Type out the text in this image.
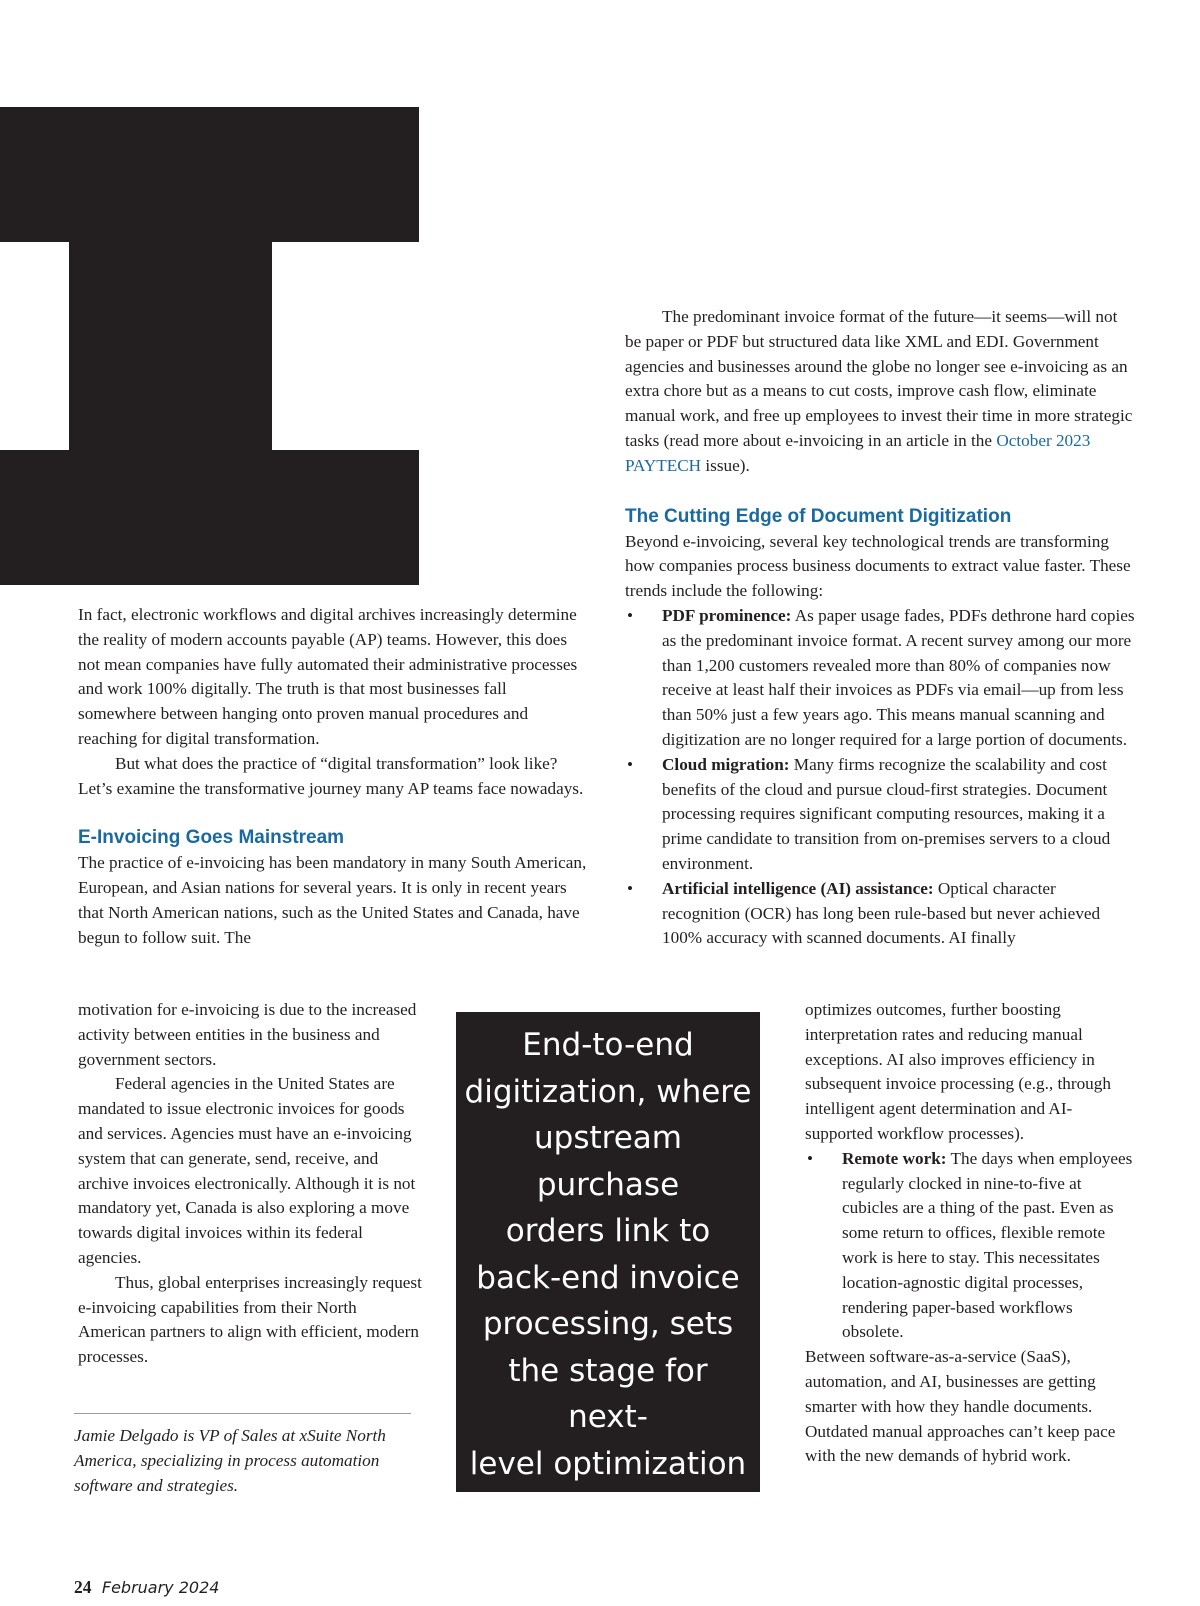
The predominant invoice format of the future—it seems—will not be paper or PDF but structured data like XML and EDI. Government agencies and businesses around the globe no longer see e-invoicing as an extra chore but as a means to cut costs, improve cash flow, eliminate manual work, and free up employees to invest their time in more strategic tasks (read more about e-invoicing in an article in the October 2023 PAYTECH issue).

The Cutting Edge of Document Digitization

Beyond e-invoicing, several key technological trends are transforming how companies process business documents to extract value faster. These trends include the following:

• PDF prominence: As paper usage fades, PDFs dethrone hard copies as the predominant invoice format. A recent survey among our more than 1,200 customers revealed more than 80% of companies now receive at least half their invoices as PDFs via email—up from less than 50% just a few years ago. This means manual scanning and digitization are no longer required for a large portion of documents.
• Cloud migration: Many firms recognize the scalability and cost benefits of the cloud and pursue cloud-first strategies. Document processing requires significant computing resources, making it a prime candidate to transition from on-premises servers to a cloud environment.
• Artificial intelligence (AI) assistance: Optical character recognition (OCR) has long been rule-based but never achieved 100% accuracy with scanned documents. AI finally

optimizes outcomes, further boosting interpretation rates and reducing manual exceptions. AI also improves efficiency in subsequent invoice processing (e.g., through intelligent agent determination and AI-supported workflow processes).

• Remote work: The days when employees regularly clocked in nine-to-five at cubicles are a thing of the past. Even as some return to offices, flexible remote work is here to stay. This necessitates location-agnostic digital processes, rendering paper-based workflows obsolete.

Between software-as-a-service (SaaS), automation, and AI, businesses are getting smarter with how they handle documents. Outdated manual approaches can’t keep pace with the new demands of hybrid work.

In fact, electronic workflows and digital archives increasingly determine the reality of modern accounts payable (AP) teams. However, this does not mean companies have fully automated their administrative processes and work 100% digitally. The truth is that most businesses fall somewhere between hanging onto proven manual procedures and reaching for digital transformation.

But what does the practice of “digital transformation” look like? Let’s examine the transformative journey many AP teams face nowadays.

E-Invoicing Goes Mainstream

The practice of e-invoicing has been mandatory in many South American, European, and Asian nations for several years. It is only in recent years that North American nations, such as the United States and Canada, have begun to follow suit. The

motivation for e-invoicing is due to the increased activity between entities in the business and government sectors.

Federal agencies in the United States are mandated to issue electronic invoices for goods and services. Agencies must have an e-invoicing system that can generate, send, receive, and archive invoices electronically. Although it is not mandatory yet, Canada is also exploring a move towards digital invoices within its federal agencies.

Thus, global enterprises increasingly request e-invoicing capabilities from their North American partners to align with efficient, modern processes.

End-to-end
digitization, where
upstream purchase
orders link to
back-end invoice
processing, sets
the stage for next-
level optimization
via business
intelligence (BI).
Jamie Delgado is VP of Sales at xSuite North America, specializing in process automation software and strategies.
24 February 2024
